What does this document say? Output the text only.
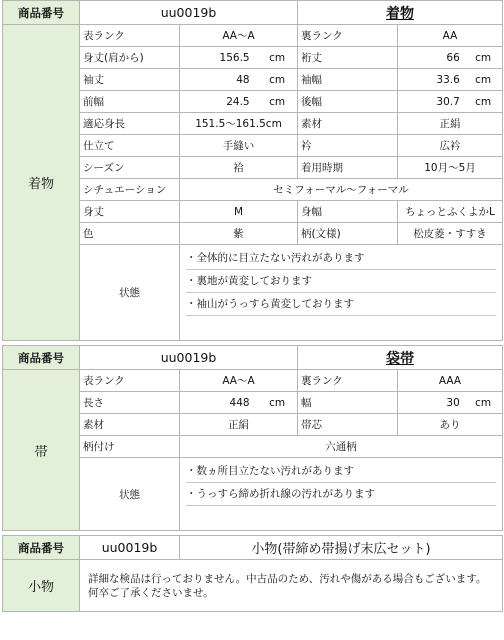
商品番号	uu0019b		着物	
着物	表ランク	AA～A	裏ランク	AA
	身丈(肩から)	156.5 cm	裄丈	66 cm
	袖丈	48 cm	袖幅	33.6 cm
	前幅	24.5 cm	後幅	30.7 cm
	適応身長	151.5～161.5cm	素材	正絹
	仕立て	手縫い	衿	広衿
	シーズン	袷	着用時期	10月～5月
	シチュエーション	セミフォーマル～フォーマル		
	身丈	M	身幅	ちょっとふくよかL
	色	紫	柄(文様)	松皮菱・すすき
	状態	・全体的に目立たない汚れがあります
・裏地が黄変しております
・袖山がうっすら黄変しております		

商品番号	uu0019b		袋帯	
帯	表ランク	AA～A	裏ランク	AAA
	長さ	448 cm	幅	30 cm
	素材	正絹	帯芯	あり
	柄付け	六通柄		
	状態	・数ヵ所目立たない汚れがあります
・うっすら締め折れ線の汚れがあります		

商品番号	uu0019b	小物(帯締め帯揚げ末広セット)
小物	詳細な検品は行っておりません。中古品のため、汚れや傷がある場合もございます。何卒ご了承くださいませ。	
